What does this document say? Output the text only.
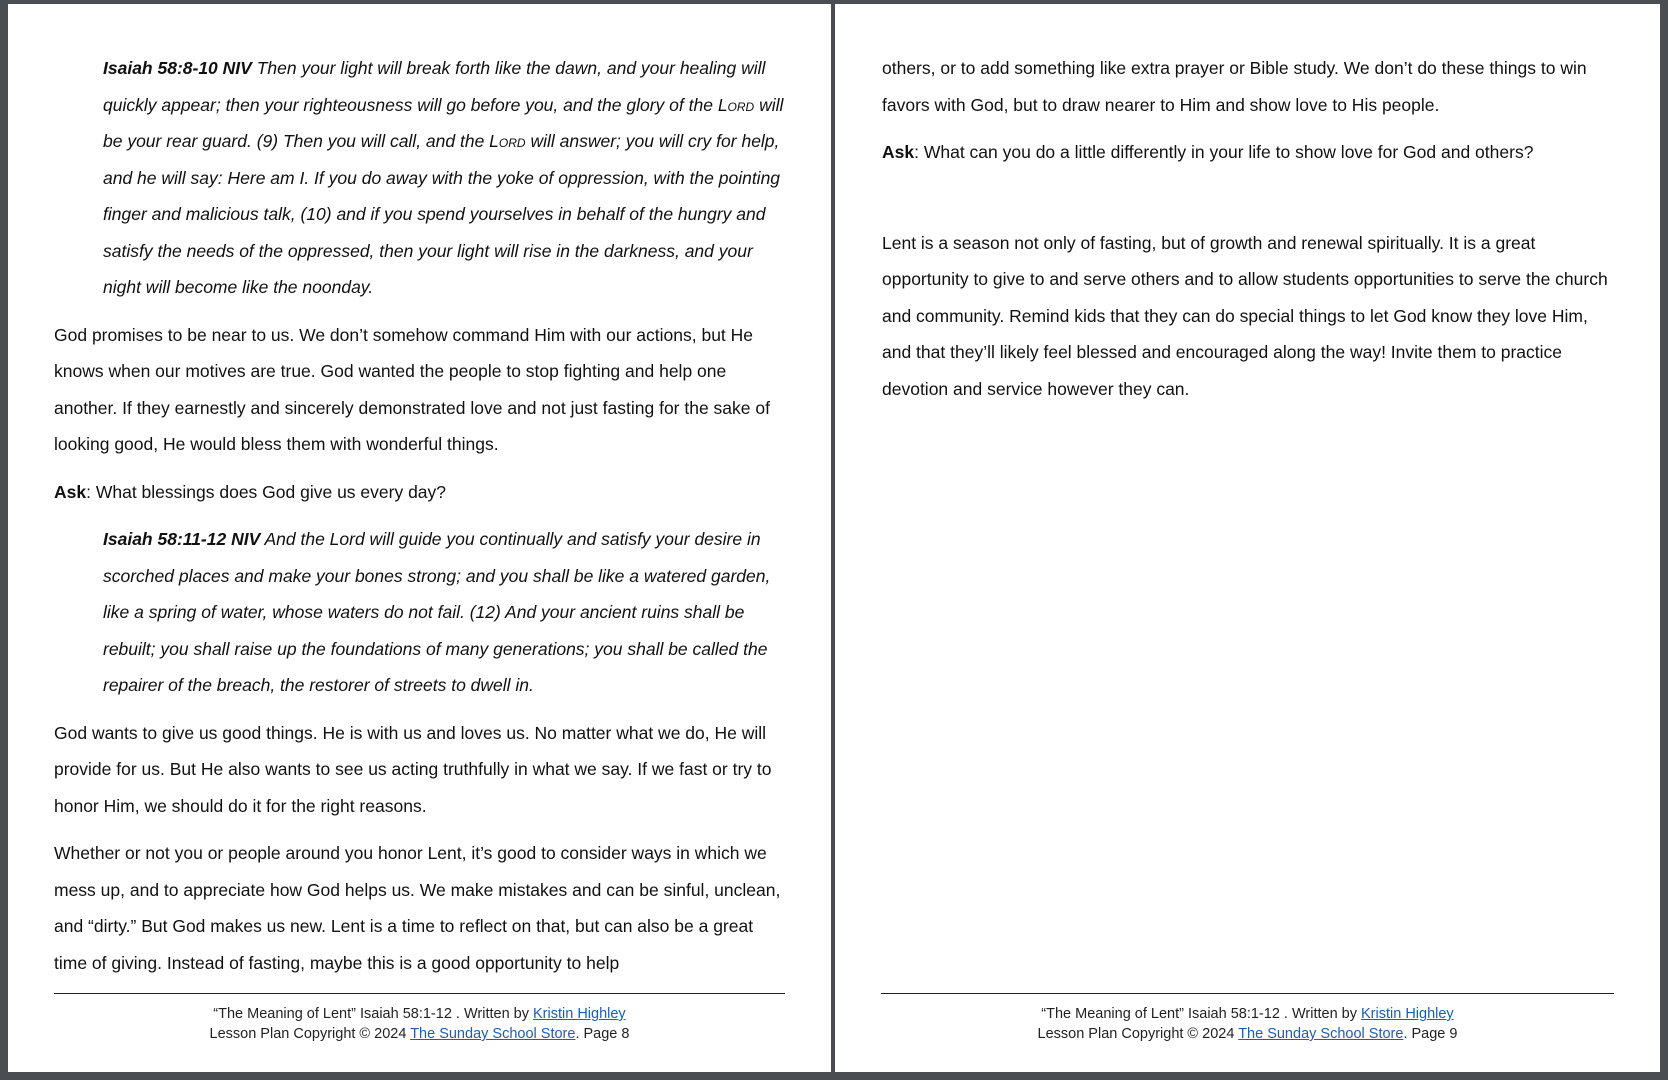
Isaiah 58:8-10 NIV Then your light will break forth like the dawn, and your healing will quickly appear; then your righteousness will go before you, and the glory of the Lord will be your rear guard. (9) Then you will call, and the Lord will answer; you will cry for help, and he will say: Here am I. If you do away with the yoke of oppression, with the pointing finger and malicious talk, (10) and if you spend yourselves in behalf of the hungry and satisfy the needs of the oppressed, then your light will rise in the darkness, and your night will become like the noonday.

God promises to be near to us. We don’t somehow command Him with our actions, but He knows when our motives are true. God wanted the people to stop fighting and help one another. If they earnestly and sincerely demonstrated love and not just fasting for the sake of looking good, He would bless them with wonderful things.

Ask: What blessings does God give us every day?

Isaiah 58:11-12 NIV And the Lord will guide you continually and satisfy your desire in scorched places and make your bones strong; and you shall be like a watered garden, like a spring of water, whose waters do not fail. (12) And your ancient ruins shall be rebuilt; you shall raise up the foundations of many generations; you shall be called the repairer of the breach, the restorer of streets to dwell in.

God wants to give us good things. He is with us and loves us. No matter what we do, He will provide for us. But He also wants to see us acting truthfully in what we say. If we fast or try to honor Him, we should do it for the right reasons.

Whether or not you or people around you honor Lent, it’s good to consider ways in which we mess up, and to appreciate how God helps us. We make mistakes and can be sinful, unclean, and “dirty.” But God makes us new. Lent is a time to reflect on that, but can also be a great time of giving. Instead of fasting, maybe this is a good opportunity to help

“The Meaning of Lent” Isaiah 58:1-12 . Written by Kristin Highley
Lesson Plan Copyright © 2024 The Sunday School Store. Page 8

others, or to add something like extra prayer or Bible study. We don’t do these things to win favors with God, but to draw nearer to Him and show love to His people.

Ask: What can you do a little differently in your life to show love for God and others?

Lent is a season not only of fasting, but of growth and renewal spiritually. It is a great opportunity to give to and serve others and to allow students opportunities to serve the church and community. Remind kids that they can do special things to let God know they love Him, and that they’ll likely feel blessed and encouraged along the way! Invite them to practice devotion and service however they can.

“The Meaning of Lent” Isaiah 58:1-12 . Written by Kristin Highley
Lesson Plan Copyright © 2024 The Sunday School Store. Page 9
